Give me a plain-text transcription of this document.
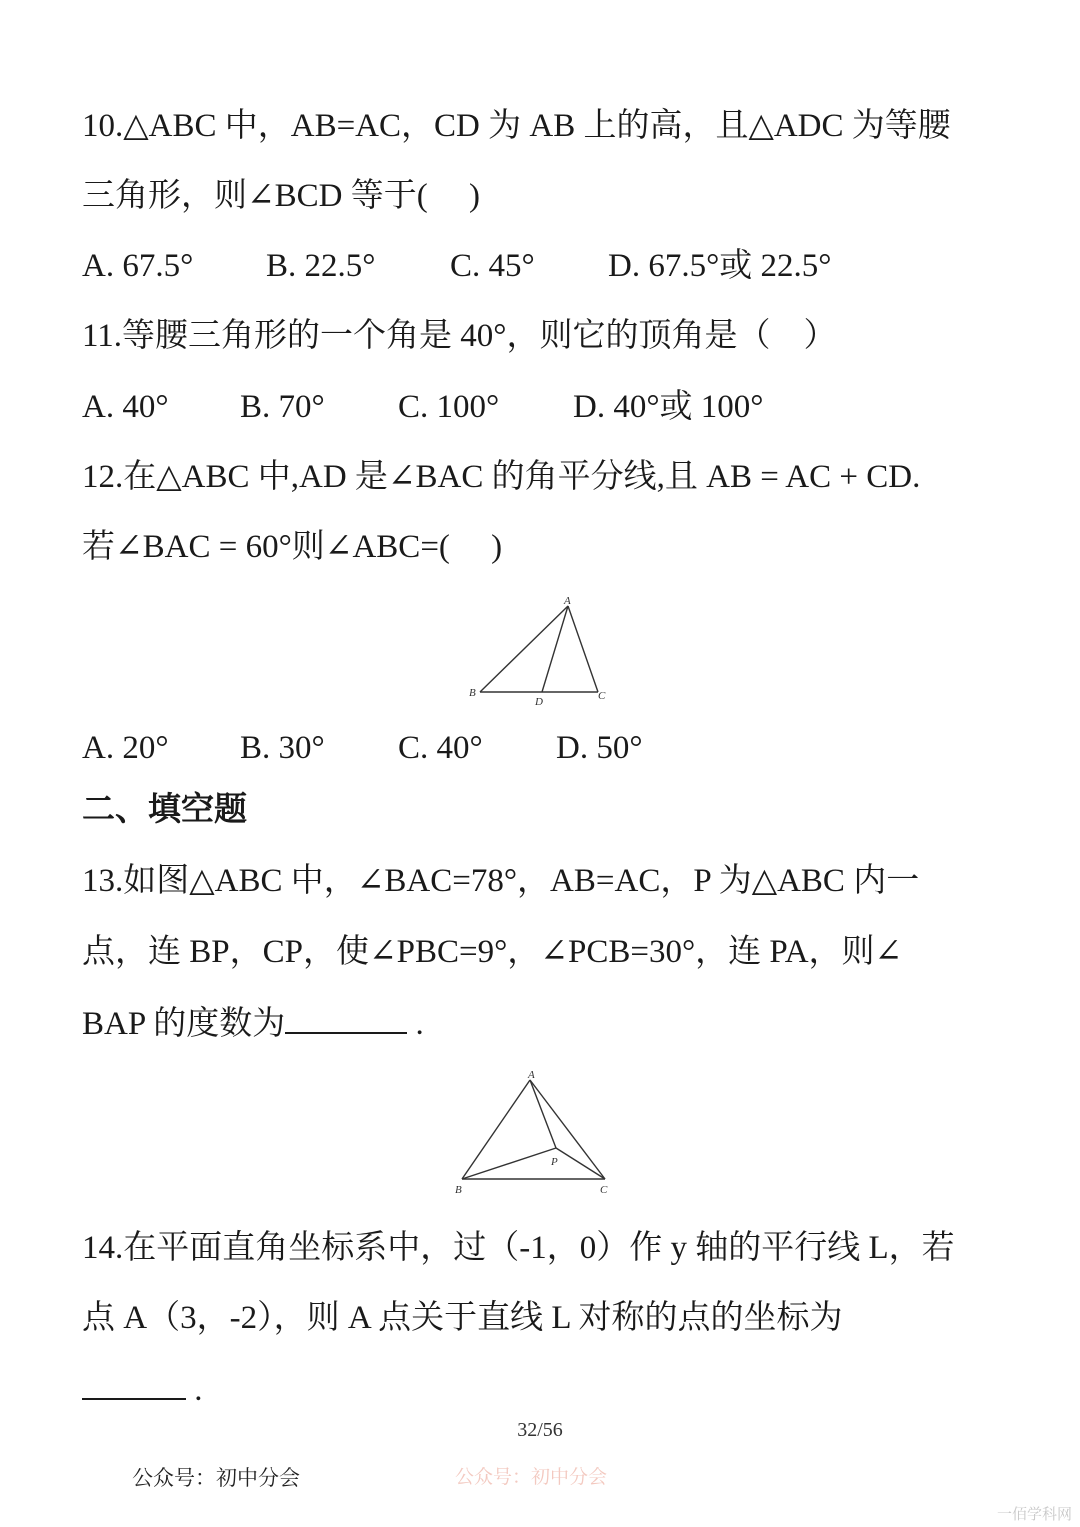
10.△ABC 中，AB=AC，CD 为 AB 上的高，且△ADC 为等腰
三角形，则∠BCD 等于(　 )
A. 67.5° B. 22.5° C. 45° D. 67.5°或 22.5°
11.等腰三角形的一个角是 40°，则它的顶角是（　）
A. 40° B. 70° C. 100° D. 40°或 100°
12.在△ABC 中,AD 是∠BAC 的角平分线,且 AB = AC + CD.
若∠BAC = 60°则∠ABC=(　 )
A
B	C
D
A. 20° B. 30° C. 40° D. 50°
二、填空题
13.如图△ABC 中，∠BAC=78°，AB=AC，P 为△ABC 内一
点，连 BP，CP，使∠PBC=9°，∠PCB=30°，连 PA，则∠
BAP 的度数为	.
A
B	C
P
14.在平面直角坐标系中，过（-1，0）作 y 轴的平行线 L，若
点 A（3，-2），则 A 点关于直线 L 对称的点的坐标为
.
32/56
公众号：初中分会	公众号：初中分会
一佰学科网
